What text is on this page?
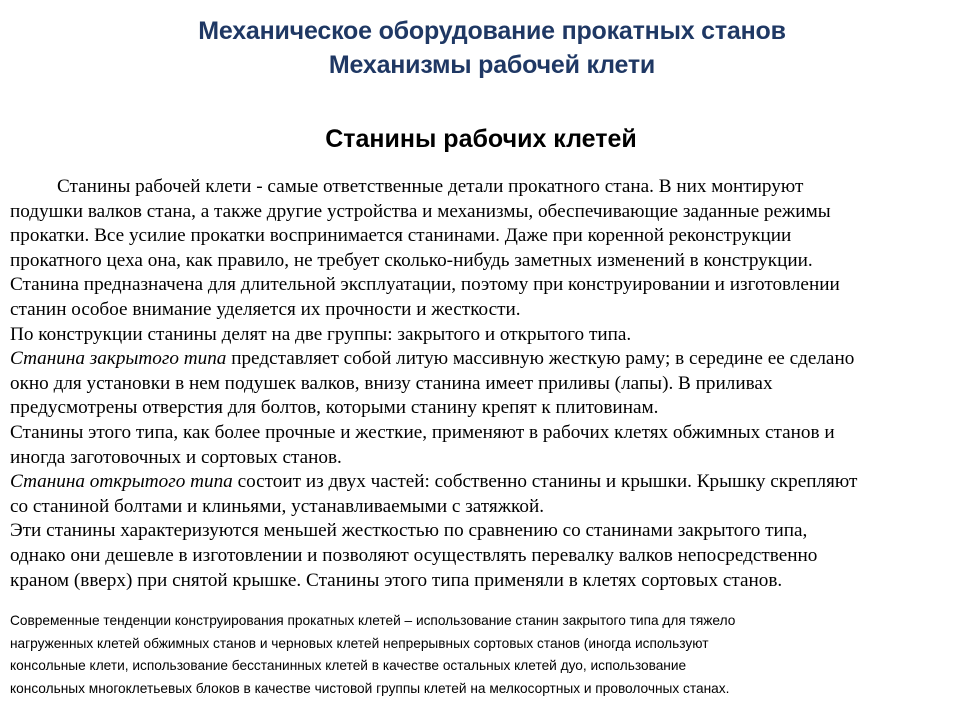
Механическое оборудование прокатных станов
Механизмы рабочей клети
Станины рабочих клетей
Станины рабочей клети - самые ответственные детали прокатного стана. В них монтируют
подушки валков стана, а также другие устройства и механизмы, обеспечивающие заданные режимы
прокатки. Все усилие прокатки воспринимается станинами. Даже при коренной реконструкции
прокатного цеха она, как правило, не требует сколько-нибудь заметных изменений в конструкции.
Станина предназначена для длительной эксплуатации, поэтому при конструировании и изготовлении
станин особое внимание уделяется их прочности и жесткости.
По конструкции станины делят на две группы: закрытого и открытого типа.
Станина закрытого типа представляет собой литую массивную жесткую раму; в середине ее сделано
окно для установки в нем подушек валков, внизу станина имеет приливы (лапы). В приливах
предусмотрены отверстия для болтов, которыми станину крепят к плитовинам.
Станины этого типа, как более прочные и жесткие, применяют в рабочих клетях обжимных станов и
иногда заготовочных и сортовых станов.
Станина открытого типа состоит из двух частей: собственно станины и крышки. Крышку скрепляют
со станиной болтами и клиньями, устанавливаемыми с затяжкой.
Эти станины характеризуются меньшей жесткостью по сравнению со станинами закрытого типа,
однако они дешевле в изготовлении и позволяют осуществлять перевалку валков непосредственно
краном (вверх) при снятой крышке. Станины этого типа применяли в клетях сортовых станов.
Современные тенденции конструирования прокатных клетей – использование станин закрытого типа для тяжело
нагруженных клетей обжимных станов и черновых клетей непрерывных сортовых станов (иногда используют
консольные клети, использование бесстанинных клетей в качестве остальных клетей дуо, использование
консольных многоклетьевых блоков в качестве чистовой группы клетей на мелкосортных и проволочных станах.
